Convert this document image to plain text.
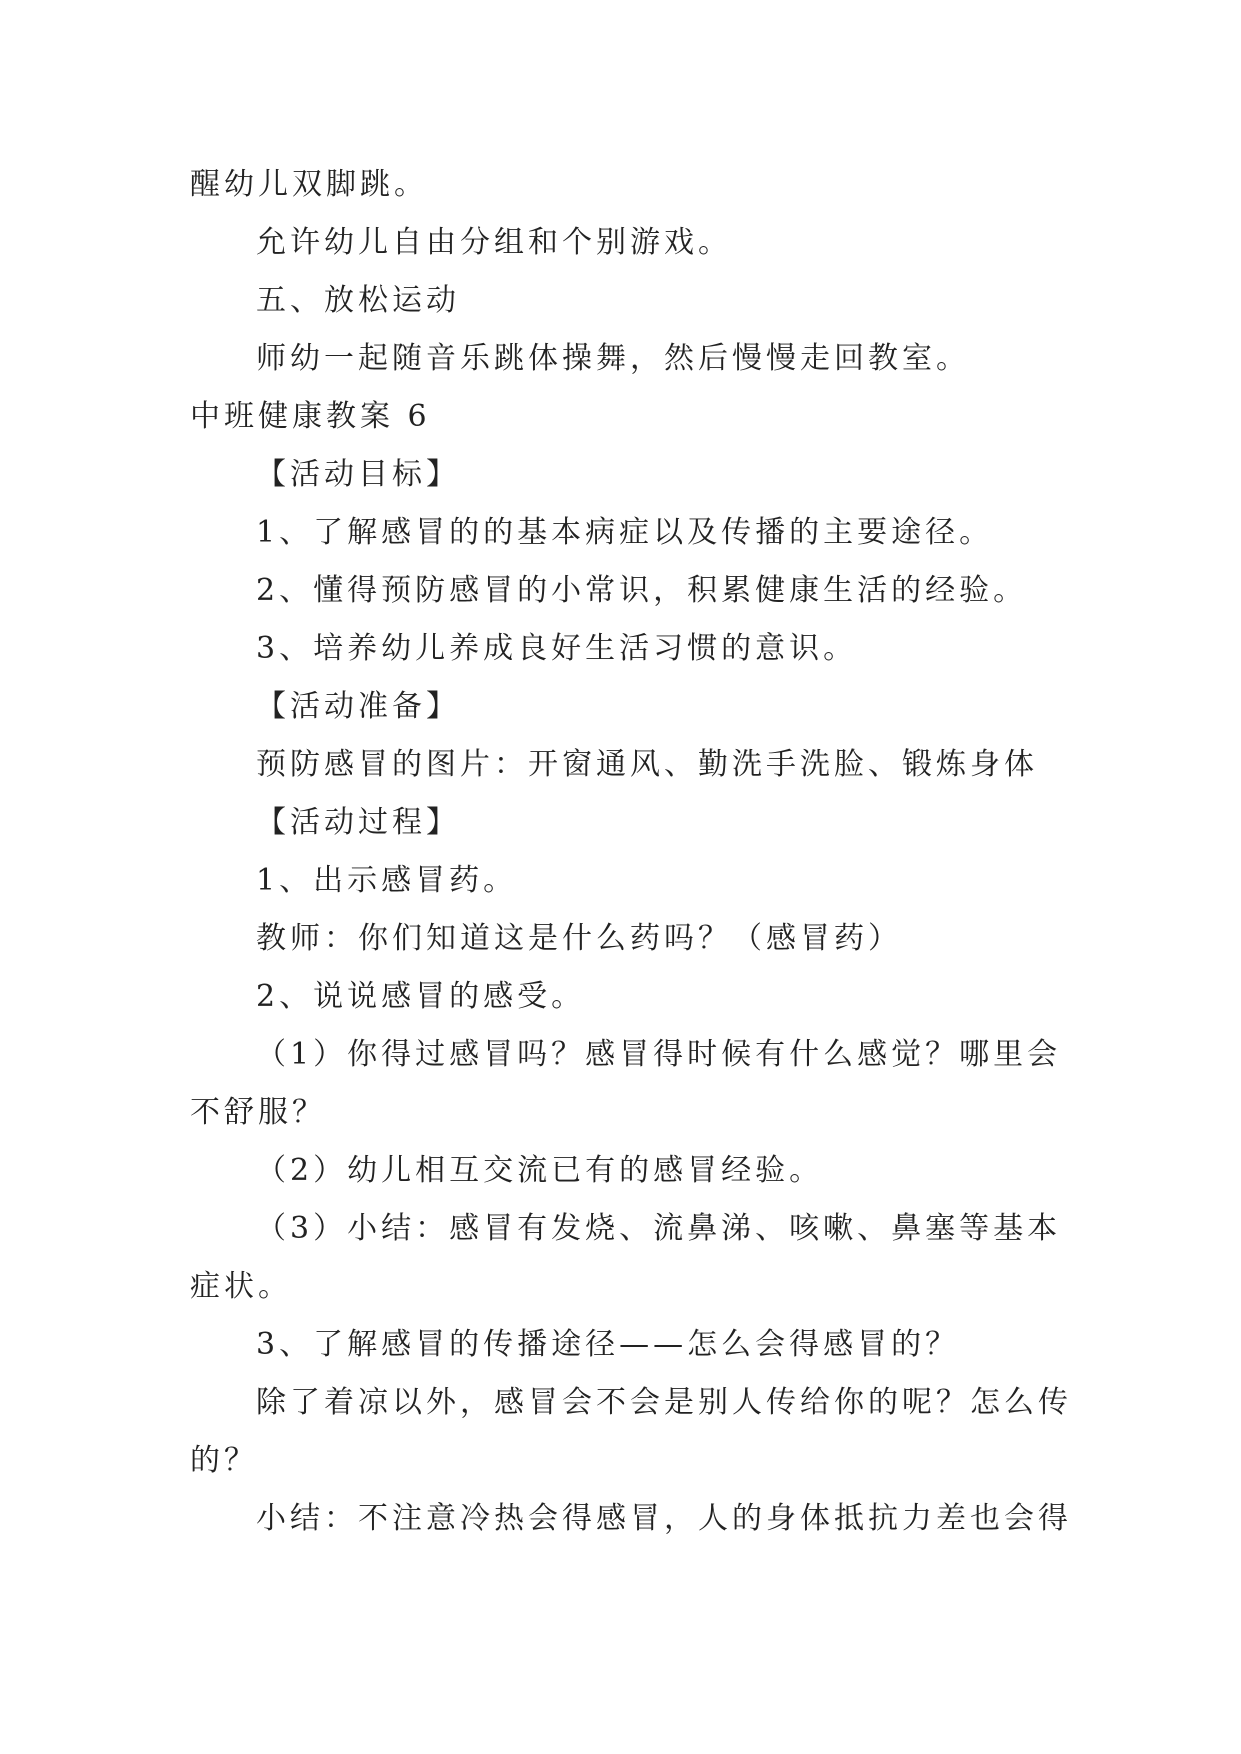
醒幼儿双脚跳。
允许幼儿自由分组和个别游戏。
五、放松运动
师幼一起随音乐跳体操舞，然后慢慢走回教室。
中班健康教案 6
【活动目标】
1、了解感冒的的基本病症以及传播的主要途径。
2、懂得预防感冒的小常识，积累健康生活的经验。
3、培养幼儿养成良好生活习惯的意识。
【活动准备】
预防感冒的图片：开窗通风、勤洗手洗脸、锻炼身体
【活动过程】
1、出示感冒药。
教师：你们知道这是什么药吗？（感冒药）
2、说说感冒的感受。
（1）你得过感冒吗？感冒得时候有什么感觉？哪里会
不舒服？
（2）幼儿相互交流已有的感冒经验。
（3）小结：感冒有发烧、流鼻涕、咳嗽、鼻塞等基本
症状。
3、了解感冒的传播途径——怎么会得感冒的？
除了着凉以外，感冒会不会是别人传给你的呢？怎么传
的？
小结：不注意冷热会得感冒，人的身体抵抗力差也会得
